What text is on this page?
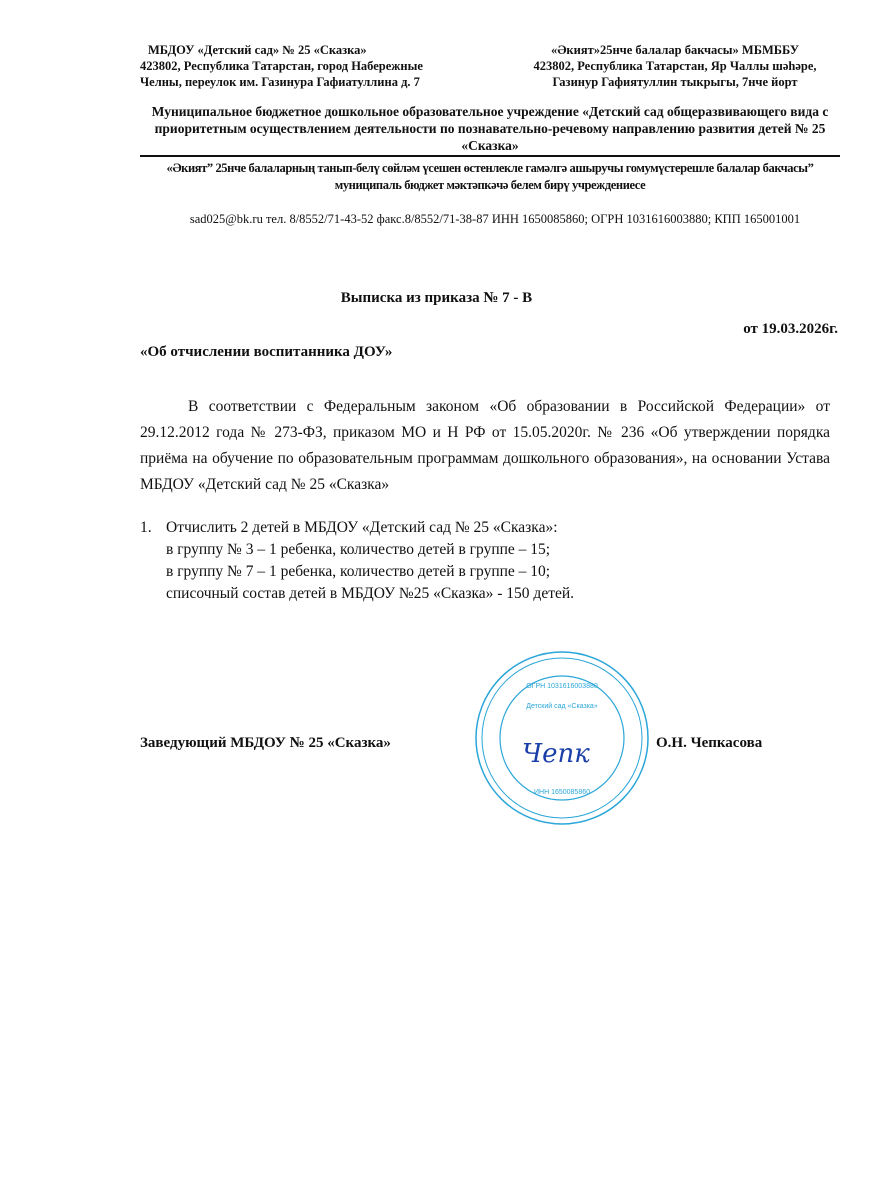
МБДОУ «Детский сад» № 25 «Сказка»
423802, Республика Татарстан, город Набережные
Челны, переулок им. Газинура Гафиатуллина д. 7
«Әкият»25нче балалар бакчасы» МБМББУ
423802, Республика Татарстан, Яр Чаллы шәһәре,
Газинур Гафиятуллин тыкрыгы, 7нче йорт
Муниципальное бюджетное дошкольное образовательное учреждение «Детский сад общеразвивающего вида с приоритетным осуществлением деятельности по познавательно-речевому направлению развития детей № 25 «Сказка»
«Әкият” 25нче балаларның танып-белү сөйләм үсешен өстенлекле гамәлгә ашыручы гомумүстерешле балалар бакчасы” муниципаль бюджет мәктәпкәчә белем бирү учреждениесе
sad025@bk.ru тел. 8/8552/71-43-52 факс.8/8552/71-38-87 ИНН 1650085860; ОГРН 1031616003880; КПП 165001001
Выписка из приказа № 7 - В
от 19.03.2026г.
«Об отчислении воспитанника ДОУ»
В соответствии с Федеральным законом «Об образовании в Российской Федерации» от 29.12.2012 года № 273-ФЗ, приказом МО и Н РФ от 15.05.2020г. № 236 «Об утверждении порядка приёма на обучение по образовательным программам дошкольного образования», на основании Устава МБДОУ «Детский сад № 25 «Сказка»
1. Отчислить 2 детей в МБДОУ «Детский сад № 25 «Сказка»:
в группу № 3 – 1 ребенка, количество детей в группе – 15;
в группу № 7 – 1 ребенка, количество детей в группе – 10;
списочный состав детей в МБДОУ №25 «Сказка» - 150 детей.
Заведующий МБДОУ № 25 «Сказка»	О.Н. Чепкасова
ОГРН 1031616003880
Детский сад «Сказка»
ИНН 1650085860
Чепк
